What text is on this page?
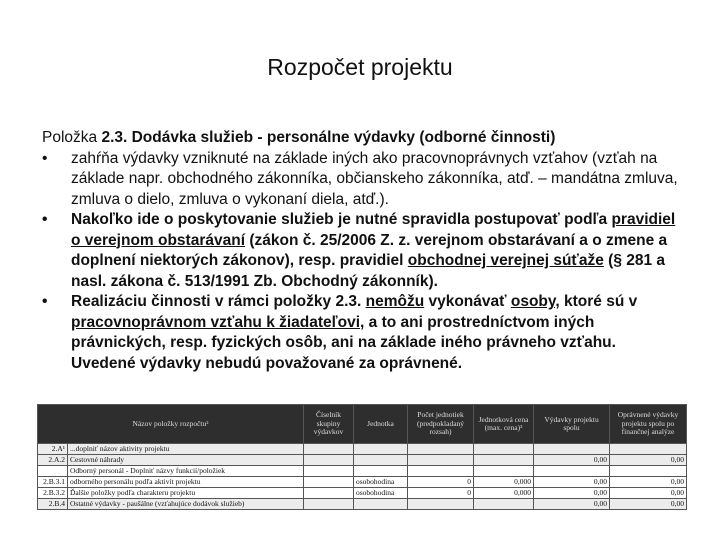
Rozpočet projektu

Položka 2.3. Dodávka služieb - personálne výdavky (odborné činnosti)

• zahŕňa výdavky vzniknuté na základe iných ako pracovnoprávnych vzťahov (vzťah na základe napr. obchodného zákonníka, občianskeho zákonníka, atď. – mandátna zmluva, zmluva o dielo, zmluva o vykonaní diela, atď.).
• Nakoľko ide o poskytovanie služieb je nutné spravidla postupovať podľa pravidiel o verejnom obstarávaní (zákon č. 25/2006 Z. z. verejnom obstarávaní a o zmene a doplnení niektorých zákonov), resp. pravidiel obchodnej verejnej súťaže (§ 281 a nasl. zákona č. 513/1991 Zb. Obchodný zákonník).
• Realizáciu činnosti v rámci položky 2.3. nemôžu vykonávať osoby, ktoré sú v pracovnoprávnom vzťahu k žiadateľovi, a to ani prostredníctvom iných právnických, resp. fyzických osôb, ani na základe iného právneho vzťahu. Uvedené výdavky nebudú považované za oprávnené.
Názov položky rozpočtu²		Číselník skupiny výdavkov	Jednotka	Počet jednotiek (predpokladaný rozsah)	Jednotková cena (max. cena)³	Výdavky projektu spolu	Oprávnené výdavky projektu spolu po finančnej analýze
2.A¹	...doplniť názov aktivity projektu						
2.A.2	Cestovné náhrady					0,00	0,00
	Odborný personál - Doplniť názvy funkcií/položiek						
2.B.3.1	odborného personálu podľa aktivít projektu		osobohodina	0	0,000	0,00	0,00
2.B.3.2	Ďalšie položky podľa charakteru projektu		osobohodina	0	0,000	0,00	0,00
2.B.4	Ostatné výdavky - paušálne (vzťahujúce dodávok služieb)					0,00	0,00
